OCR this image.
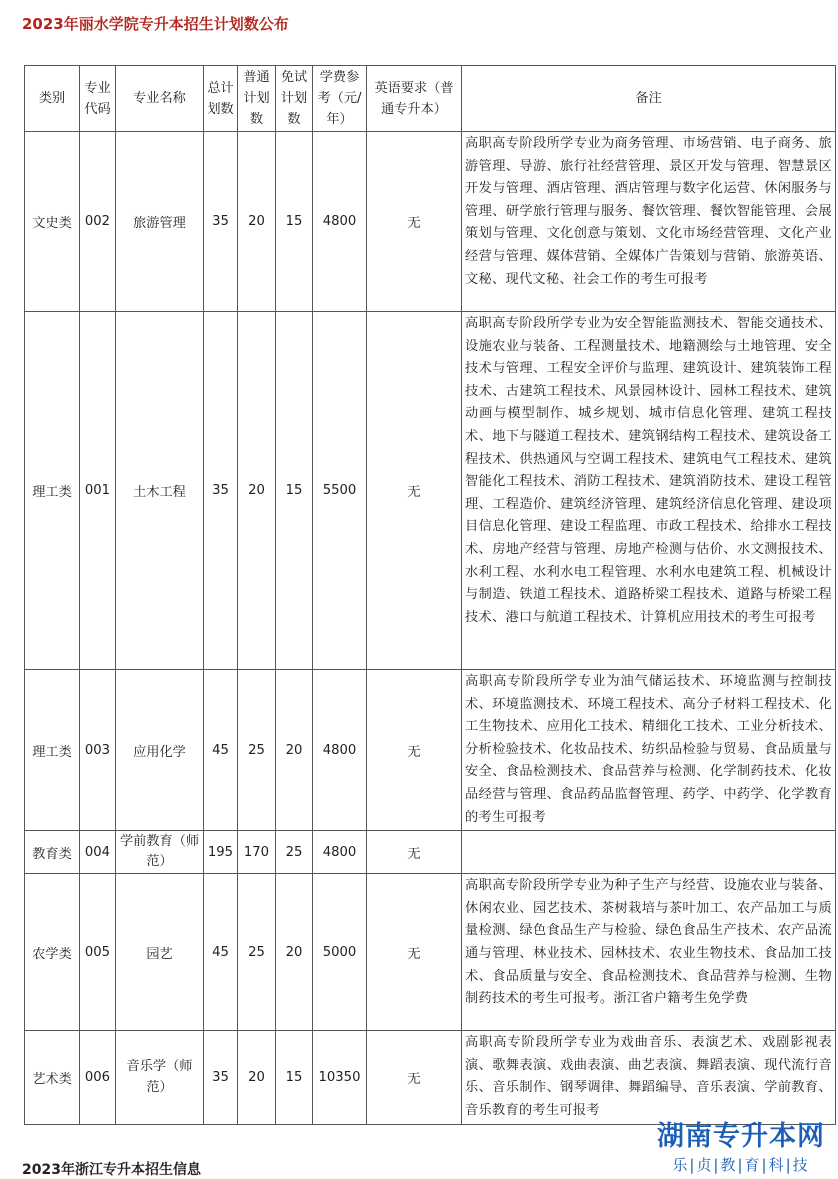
2023年丽水学院专升本招生计划数公布
类别	专业代码	专业名称	总计划数	普通计划数	免试计划数	学费参考（元/年）	英语要求（普通专升本）	备注
文史类	002	旅游管理	35	20	15	4800	无	高职高专阶段所学专业为商务管理、市场营销、电子商务、旅游管理、导游、旅行社经营管理、景区开发与管理、智慧景区开发与管理、酒店管理、酒店管理与数字化运营、休闲服务与管理、研学旅行管理与服务、餐饮管理、餐饮智能管理、会展策划与管理、文化创意与策划、文化市场经营管理、文化产业经营与管理、媒体营销、全媒体广告策划与营销、旅游英语、文秘、现代文秘、社会工作的考生可报考
理工类	001	土木工程	35	20	15	5500	无	高职高专阶段所学专业为安全智能监测技术、智能交通技术、设施农业与装备、工程测量技术、地籍测绘与土地管理、安全技术与管理、工程安全评价与监理、建筑设计、建筑装饰工程技术、古建筑工程技术、风景园林设计、园林工程技术、建筑动画与模型制作、城乡规划、城市信息化管理、建筑工程技术、地下与隧道工程技术、建筑钢结构工程技术、建筑设备工程技术、供热通风与空调工程技术、建筑电气工程技术、建筑智能化工程技术、消防工程技术、建筑消防技术、建设工程管理、工程造价、建筑经济管理、建筑经济信息化管理、建设项目信息化管理、建设工程监理、市政工程技术、给排水工程技术、房地产经营与管理、房地产检测与估价、水文测报技术、水利工程、水利水电工程管理、水利水电建筑工程、机械设计与制造、铁道工程技术、道路桥梁工程技术、道路与桥梁工程技术、港口与航道工程技术、计算机应用技术的考生可报考
理工类	003	应用化学	45	25	20	4800	无	高职高专阶段所学专业为油气储运技术、环境监测与控制技术、环境监测技术、环境工程技术、高分子材料工程技术、化工生物技术、应用化工技术、精细化工技术、工业分析技术、分析检验技术、化妆品技术、纺织品检验与贸易、食品质量与安全、食品检测技术、食品营养与检测、化学制药技术、化妆品经营与管理、食品药品监督管理、药学、中药学、化学教育的考生可报考
教育类	004	学前教育（师范）	195	170	25	4800	无	
农学类	005	园艺	45	25	20	5000	无	高职高专阶段所学专业为种子生产与经营、设施农业与装备、休闲农业、园艺技术、茶树栽培与茶叶加工、农产品加工与质量检测、绿色食品生产与检验、绿色食品生产技术、农产品流通与管理、林业技术、园林技术、农业生物技术、食品加工技术、食品质量与安全、食品检测技术、食品营养与检测、生物制药技术的考生可报考。浙江省户籍考生免学费
艺术类	006	音乐学（师范）	35	20	15	10350	无	高职高专阶段所学专业为戏曲音乐、表演艺术、戏剧影视表演、歌舞表演、戏曲表演、曲艺表演、舞蹈表演、现代流行音乐、音乐制作、钢琴调律、舞蹈编导、音乐表演、学前教育、音乐教育的考生可报考
2023年浙江专升本招生信息
湖南专升本网
乐|贞|教|育|科|技
